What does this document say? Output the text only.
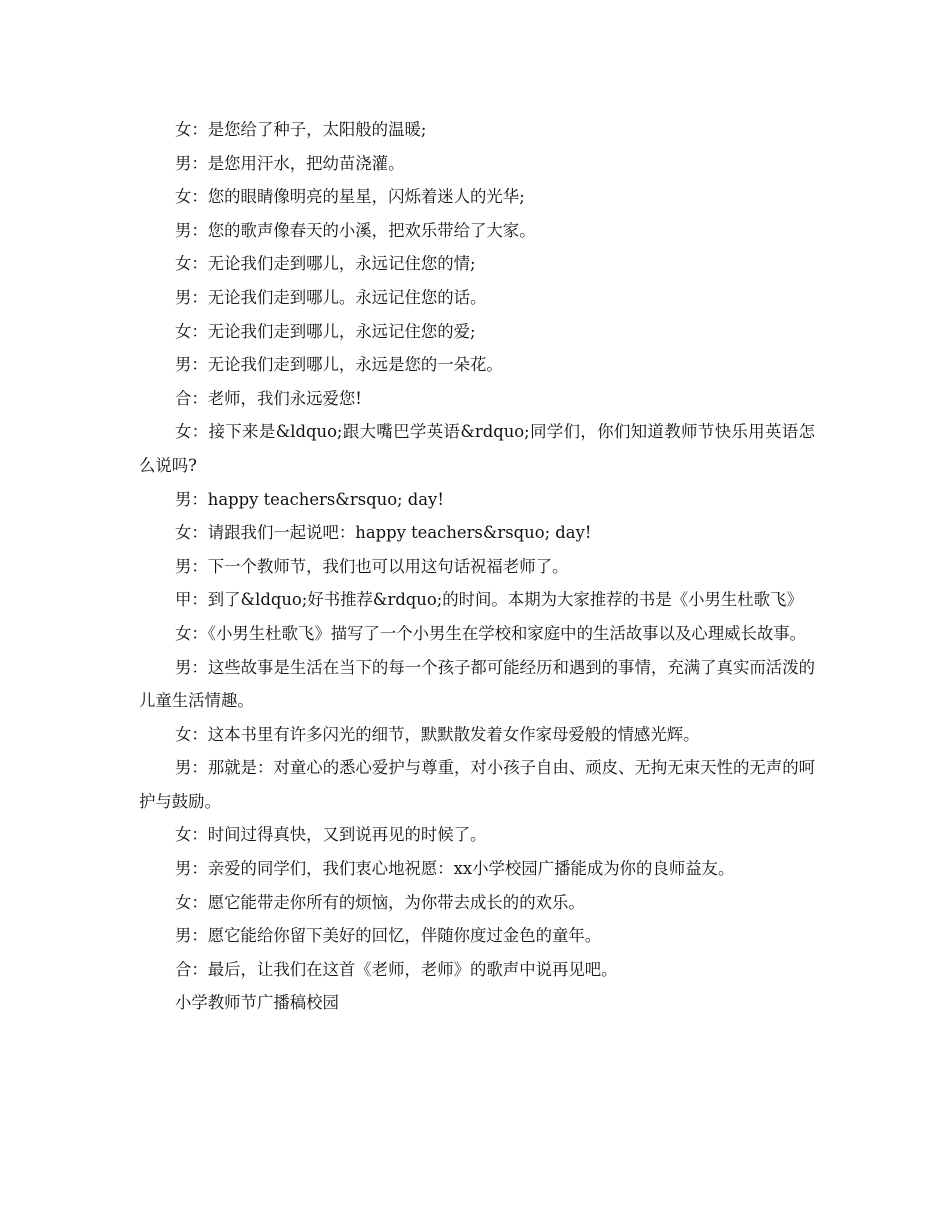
女：是您给了种子，太阳般的温暖;

男：是您用汗水，把幼苗浇灌。

女：您的眼睛像明亮的星星，闪烁着迷人的光华;

男：您的歌声像春天的小溪，把欢乐带给了大家。

女：无论我们走到哪儿，永远记住您的情;

男：无论我们走到哪儿。永远记住您的话。

女：无论我们走到哪儿，永远记住您的爱;

男：无论我们走到哪儿，永远是您的一朵花。

合：老师，我们永远爱您!

女：接下来是&ldquo;跟大嘴巴学英语&rdquo;同学们，你们知道教师节快乐用英语怎么说吗?

男：happy teachers&rsquo; day!

女：请跟我们一起说吧：happy teachers&rsquo; day!

男：下一个教师节，我们也可以用这句话祝福老师了。

甲：到了&ldquo;好书推荐&rdquo;的时间。本期为大家推荐的书是《小男生杜歌飞》

女：《小男生杜歌飞》描写了一个小男生在学校和家庭中的生活故事以及心理威长故事。

男：这些故事是生活在当下的每一个孩子都可能经历和遇到的事情，充满了真实而活泼的儿童生活情趣。

女：这本书里有许多闪光的细节，默默散发着女作家母爱般的情感光辉。

男：那就是：对童心的悉心爱护与尊重，对小孩子自由、顽皮、无拘无束天性的无声的呵护与鼓励。

女：时间过得真快，又到说再见的时候了。

男：亲爱的同学们，我们衷心地祝愿：xx小学校园广播能成为你的良师益友。

女：愿它能带走你所有的烦恼，为你带去成长的的欢乐。

男：愿它能给你留下美好的回忆，伴随你度过金色的童年。

合：最后，让我们在这首《老师，老师》的歌声中说再见吧。

小学教师节广播稿校园
